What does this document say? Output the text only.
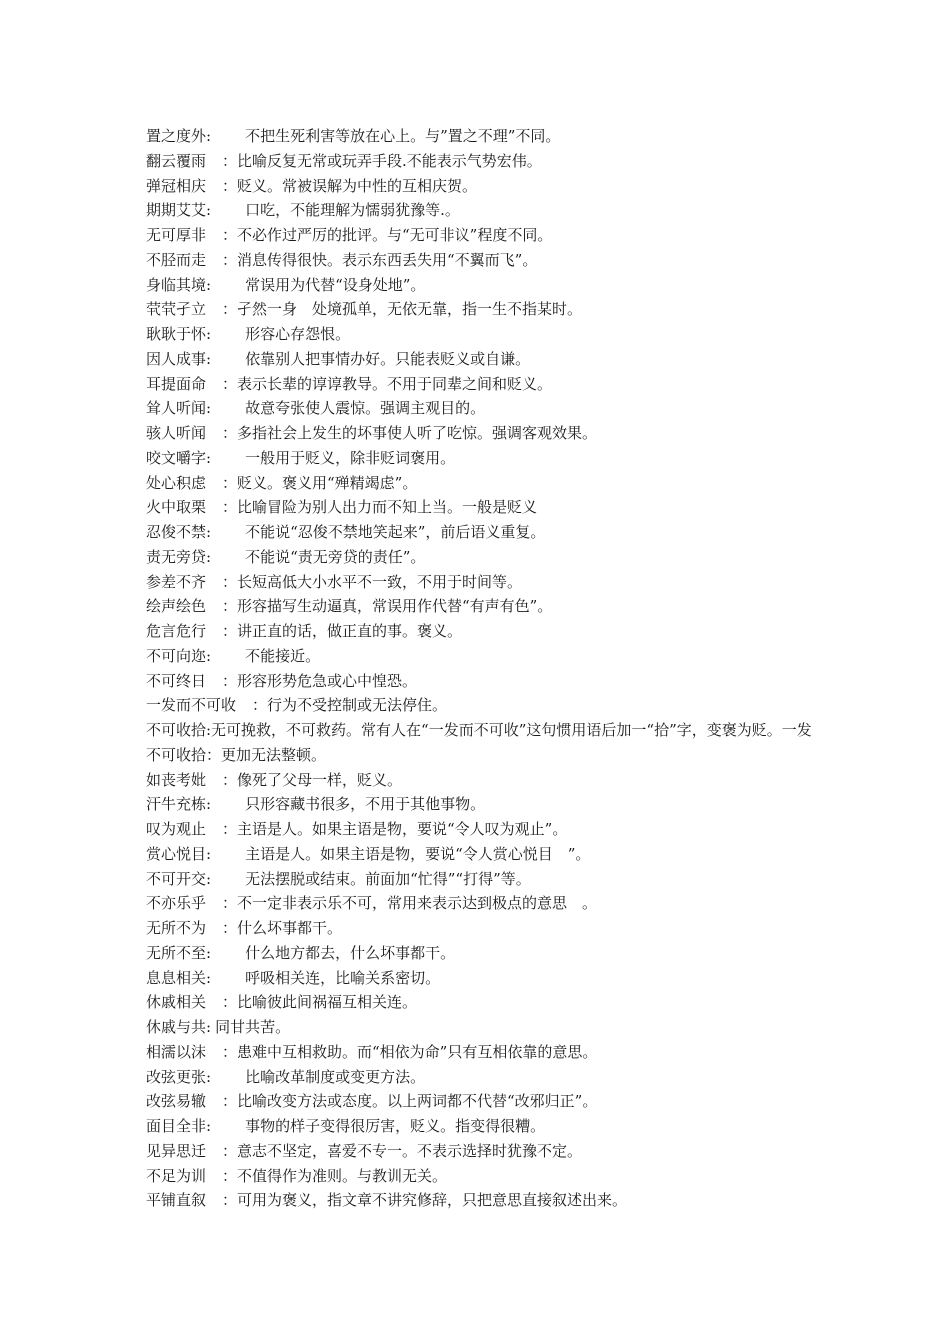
置之度外: 不把生死利害等放在心上。与”置之不理”不同。
翻云覆雨 ：比喻反复无常或玩弄手段.不能表示气势宏伟。
弹冠相庆 ：贬义。常被误解为中性的互相庆贺。
期期艾艾: 口吃，不能理解为懦弱犹豫等.。
无可厚非 ：不必作过严厉的批评。与“无可非议”程度不同。
不胫而走 ：消息传得很快。表示东西丢失用“不翼而飞”。
身临其境: 常误用为代替“设身处地”。
茕茕孑立 ：孑然一身　处境孤单，无依无靠，指一生不指某时。
耿耿于怀: 形容心存怨恨。
因人成事: 依靠别人把事情办好。只能表贬义或自谦。
耳提面命 ：表示长辈的谆谆教导。不用于同辈之间和贬义。
耸人听闻: 故意夸张使人震惊。强调主观目的。
骇人听闻 ：多指社会上发生的坏事使人听了吃惊。强调客观效果。
咬文嚼字: 一般用于贬义，除非贬词褒用。
处心积虑 ：贬义。褒义用“殚精竭虑”。
火中取栗 ：比喻冒险为别人出力而不知上当。一般是贬义
忍俊不禁: 不能说“忍俊不禁地笑起来”，前后语义重复。
责无旁贷: 不能说“责无旁贷的责任”。
参差不齐 ：长短高低大小水平不一致，不用于时间等。
绘声绘色 ：形容描写生动逼真，常误用作代替“有声有色”。
危言危行 ：讲正直的话，做正直的事。褒义。
不可向迩: 不能接近。
不可终日 ：形容形势危急或心中惶恐。
一发而不可收 ：行为不受控制或无法停住。
不可收拾:无可挽救，不可救药。常有人在“一发而不可收”这句惯用语后加一“拾”字，变褒为贬。一发不可收拾：更加无法整顿。
如丧考妣 ：像死了父母一样，贬义。
汗牛充栋: 只形容藏书很多，不用于其他事物。
叹为观止 ：主语是人。如果主语是物，要说“令人叹为观止”。
赏心悦目: 主语是人。如果主语是物，要说“令人赏心悦目　”。
不可开交: 无法摆脱或结束。前面加“忙得”“打得”等。
不亦乐乎 ：不一定非表示乐不可，常用来表示达到极点的意思　。
无所不为 ：什么坏事都干。
无所不至: 什么地方都去，什么坏事都干。
息息相关: 呼吸相关连，比喻关系密切。
休戚相关 ：比喻彼此间祸福互相关连。
休戚与共: 同甘共苦。
相濡以沫 ：患难中互相救助。而“相依为命”只有互相依靠的意思。
改弦更张: 比喻改革制度或变更方法。
改弦易辙 ：比喻改变方法或态度。以上两词都不代替“改邪归正”。
面目全非: 事物的样子变得很厉害，贬义。指变得很糟。
见异思迁 ：意志不坚定，喜爱不专一。不表示选择时犹豫不定。
不足为训 ：不值得作为准则。与教训无关。
平铺直叙 ：可用为褒义，指文章不讲究修辞，只把意思直接叙述出来。
